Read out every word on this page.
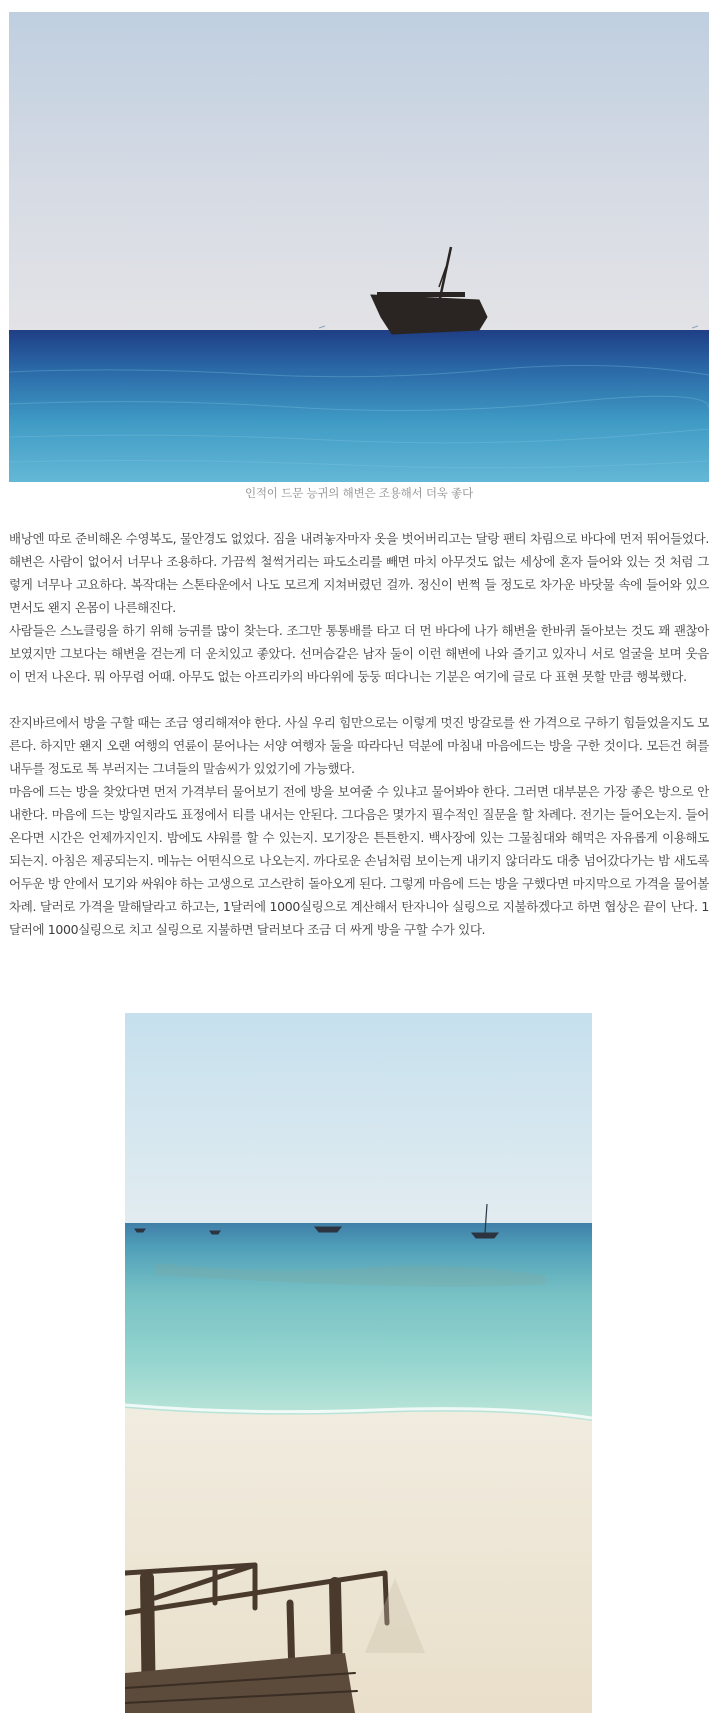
인적이 드문 능귀의 해변은 조용해서 더욱 좋다

배낭엔 따로 준비해온 수영복도, 물안경도 없었다. 짐을 내려놓자마자 옷을 벗어버리고는 달랑 팬티 차림으로 바다에 먼저 뛰어들었다. 해변은 사람이 없어서 너무나 조용하다. 가끔씩 철썩거리는 파도소리를 빼면 마치 아무것도 없는 세상에 혼자 들어와 있는 것 처럼 그렇게 너무나 고요하다. 복작대는 스톤타운에서 나도 모르게 지쳐버렸던 걸까. 정신이 번쩍 들 정도로 차가운 바닷물 속에 들어와 있으면서도 왠지 온몸이 나른해진다.

사람들은 스노클링을 하기 위해 능귀를 많이 찾는다. 조그만 통통배를 타고 더 먼 바다에 나가 해변을 한바퀴 돌아보는 것도 꽤 괜찮아 보였지만 그보다는 해변을 걷는게 더 운치있고 좋았다. 선머슴같은 남자 둘이 이런 해변에 나와 즐기고 있자니 서로 얼굴을 보며 웃음이 먼저 나온다. 뭐 아무렴 어때. 아무도 없는 아프리카의 바다위에 둥둥 떠다니는 기분은 여기에 글로 다 표현 못할 만큼 행복했다.

잔지바르에서 방을 구할 때는 조금 영리해져야 한다. 사실 우리 힘만으로는 이렇게 멋진 방갈로를 싼 가격으로 구하기 힘들었을지도 모른다. 하지만 왠지 오랜 여행의 연륜이 묻어나는 서양 여행자 둘을 따라다닌 덕분에 마침내 마음에드는 방을 구한 것이다. 모든건 혀를 내두를 정도로 톡 부러지는 그녀들의 말솜씨가 있었기에 가능했다.

마음에 드는 방을 찾았다면 먼저 가격부터 물어보기 전에 방을 보여줄 수 있냐고 물어봐야 한다. 그러면 대부분은 가장 좋은 방으로 안내한다. 마음에 드는 방일지라도 표정에서 티를 내서는 안된다. 그다음은 몇가지 필수적인 질문을 할 차례다. 전기는 들어오는지. 들어온다면 시간은 언제까지인지. 밤에도 샤워를 할 수 있는지. 모기장은 튼튼한지. 백사장에 있는 그물침대와 해먹은 자유롭게 이용해도 되는지. 아침은 제공되는지. 메뉴는 어떤식으로 나오는지. 까다로운 손님처럼 보이는게 내키지 않더라도 대충 넘어갔다가는 밤 새도록 어두운 방 안에서 모기와 싸워야 하는 고생으로 고스란히 돌아오게 된다. 그렇게 마음에 드는 방을 구했다면 마지막으로 가격을 물어볼 차례. 달러로 가격을 말해달라고 하고는, 1달러에 1000실링으로 계산해서 탄자니아 실링으로 지불하겠다고 하면 협상은 끝이 난다. 1달러에 1000실링으로 치고 실링으로 지불하면 달러보다 조금 더 싸게 방을 구할 수가 있다.
